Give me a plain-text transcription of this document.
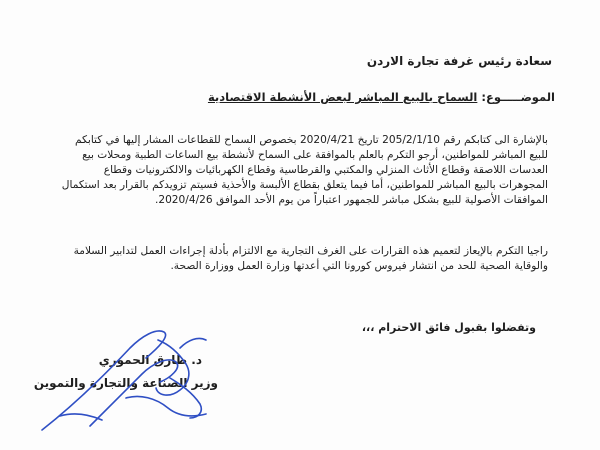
سعادة رئيس غرفة تجارة الاردن
الموضـــــوع: السماح بالبيع المباشر لبعض الأنشطة الاقتصادية
بالإشارة الى كتابكم رقم 205/2/1/10 تاريخ 2020/4/21 بخصوص السماح للقطاعات المشار إليها في كتابكم
للبيع المباشر للمواطنين، أرجو التكرم بالعلم بالموافقة على السماح لأنشطة بيع الساعات الطبية ومحلات بيع
العدسات اللاصقة وقطاع الأثاث المنزلي والمكتبي والقرطاسية وقطاع الكهربائيات والالكترونيات وقطاع
المجوهرات بالبيع المباشر للمواطنين، أما فيما يتعلق بقطاع الألبسة والأحذية فسيتم تزويدكم بالقرار بعد استكمال
الموافقات الأصولية للبيع بشكل مباشر للجمهور اعتباراً من يوم الأحد الموافق 2020/4/26.
راجيا التكرم بالإيعاز لتعميم هذه القرارات على الغرف التجارية مع الالتزام بأدلة إجراءات العمل لتدابير السلامة
والوقاية الصحية للحد من انتشار فيروس كورونا التي أعدتها وزارة العمل ووزارة الصحة.
وتفضلوا بقبول فائق الاحترام ،،،
د. طارق الحموري
وزير الصناعة والتجارة والتموين
